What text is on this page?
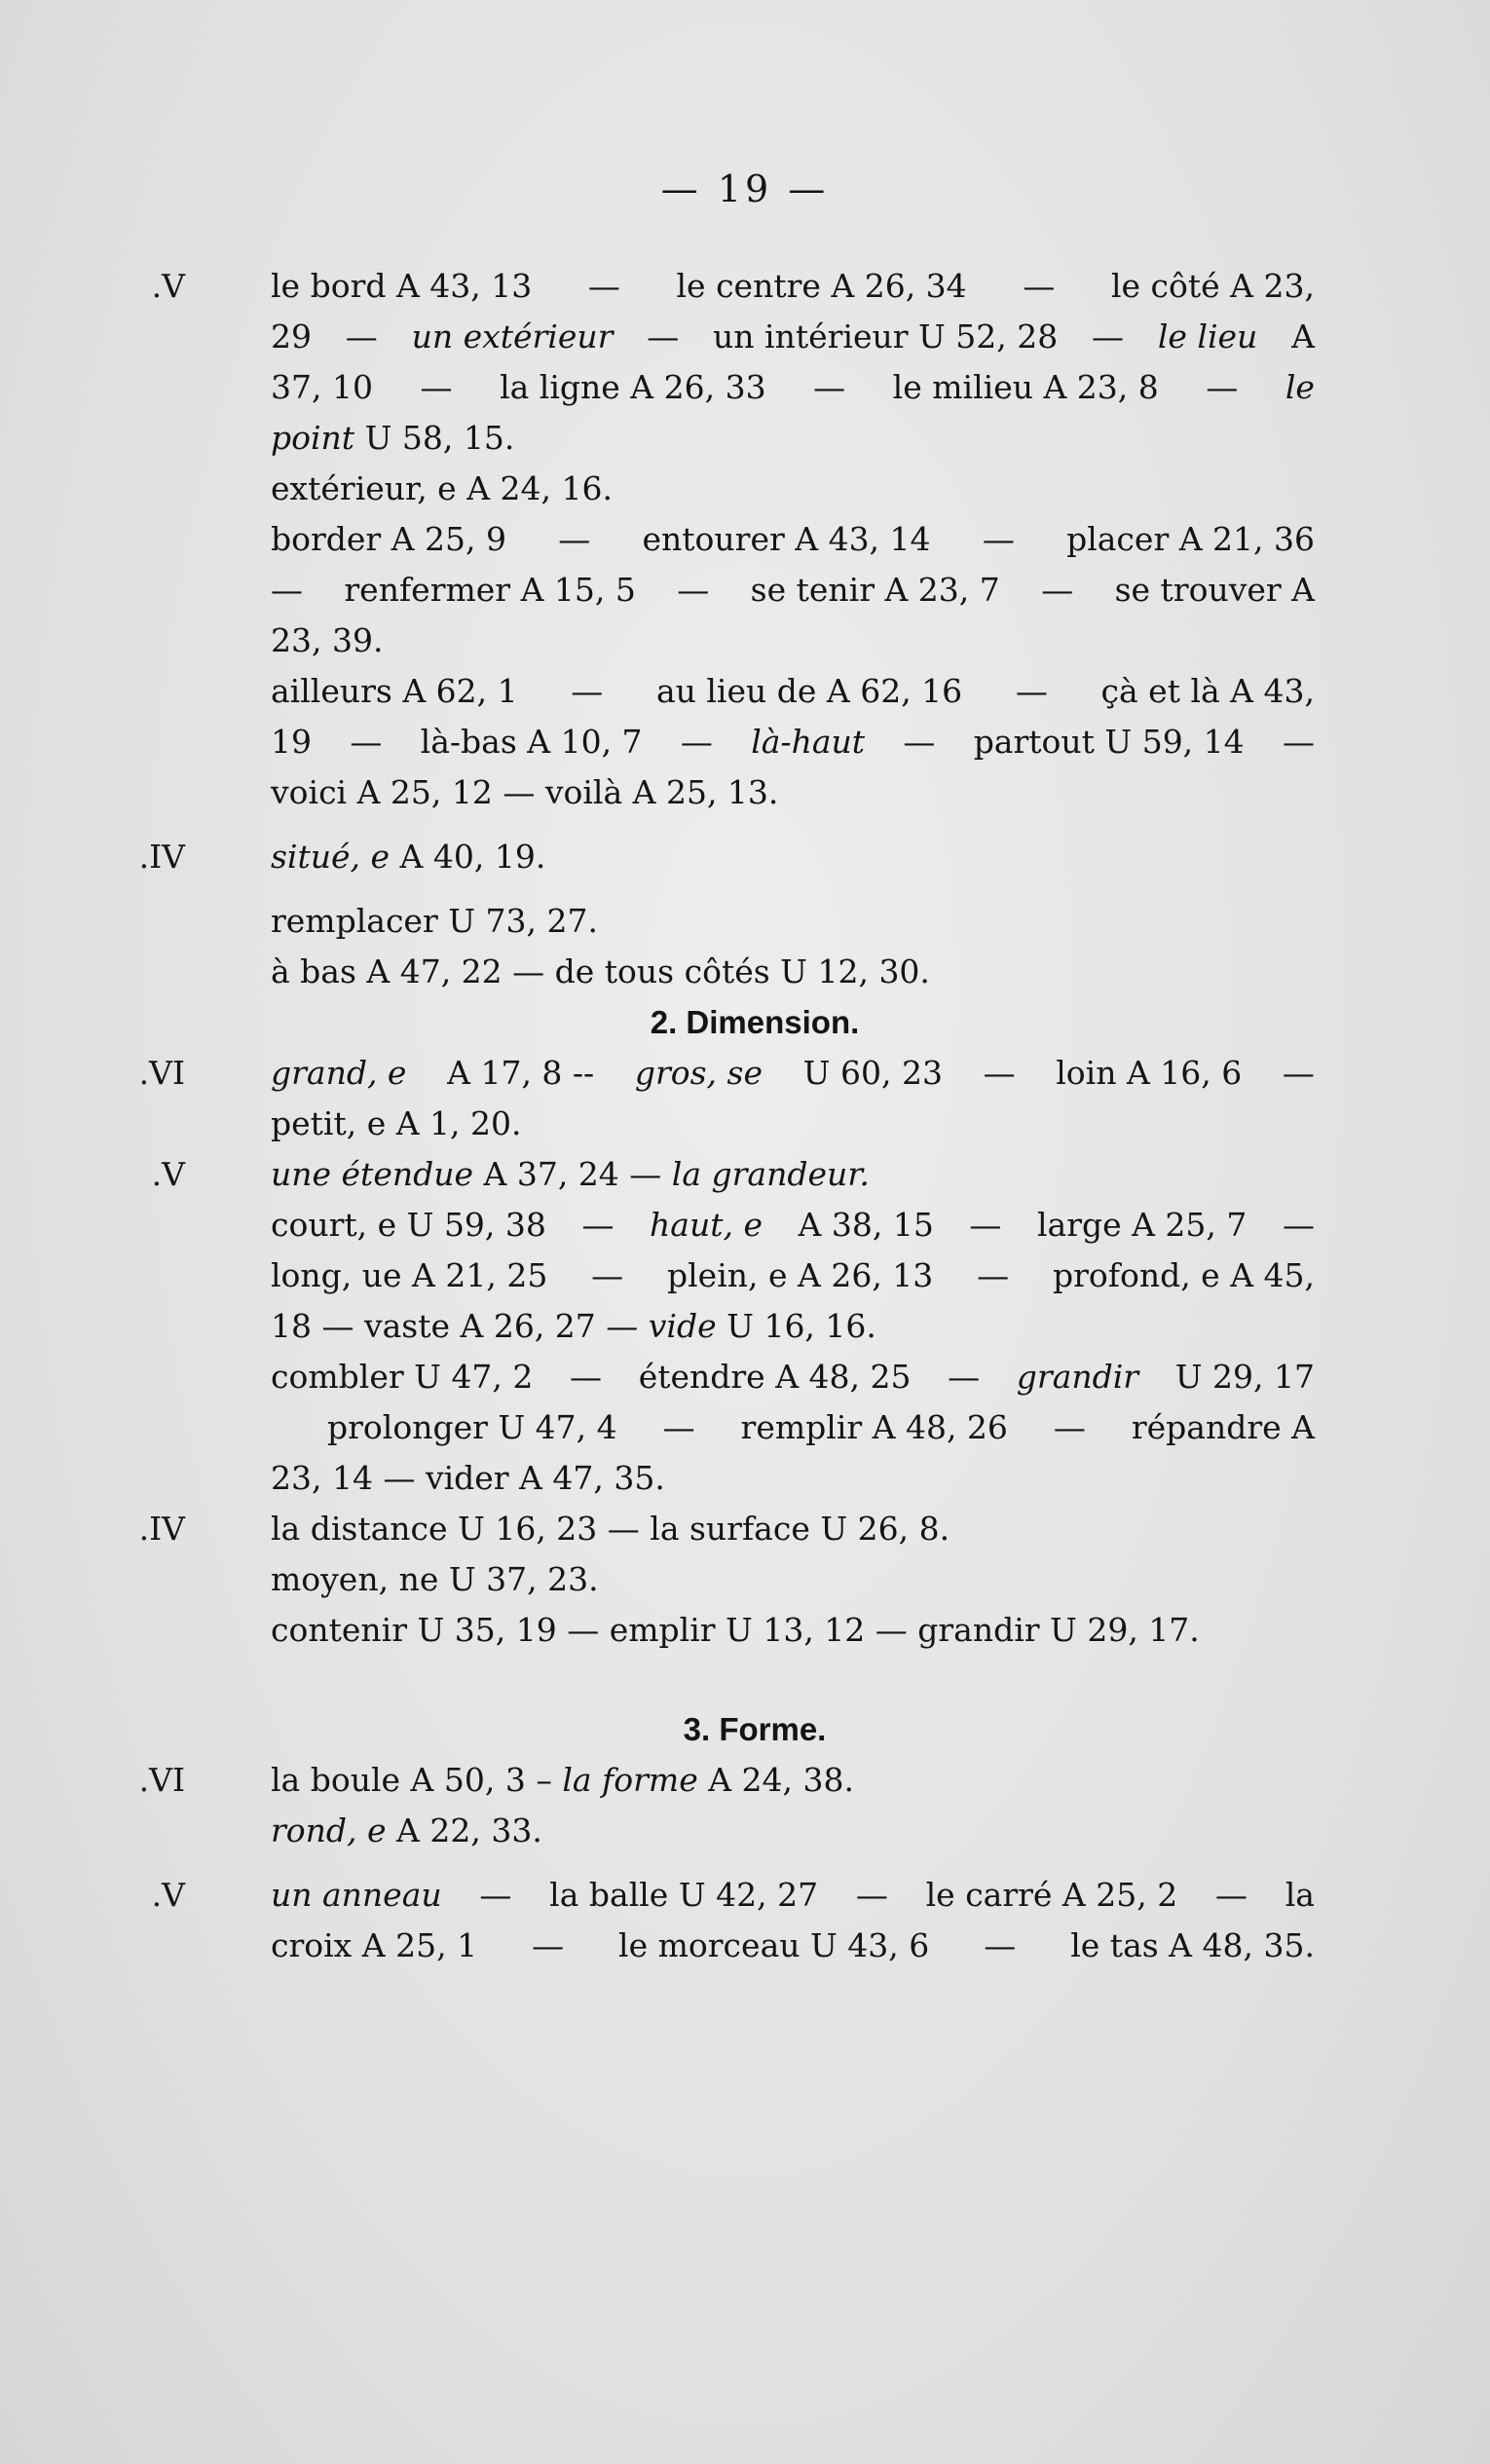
— 19 —
V.	le bord A 43, 13 — le centre A 26, 34 — le côté A 23,
29 — un extérieur — un intérieur U 52, 28 — le lieu A
37, 10 — la ligne A 26, 33 — le milieu A 23, 8 — le
point U 58, 15.
extérieur, e A 24, 16.
border A 25, 9 — entourer A 43, 14 — placer A 21, 36
— renfermer A 15, 5 — se tenir A 23, 7 — se trouver A
23, 39.
ailleurs A 62, 1 — au lieu de A 62, 16 — çà et là A 43,
19 — là-bas A 10, 7 — là-haut — partout U 59, 14 —
voici A 25, 12 — voilà A 25, 13.
IV.	situé, e A 40, 19.
remplacer U 73, 27.
à bas A 47, 22 — de tous côtés U 12, 30.
2. Dimension.
VI.	grand, e A 17, 8 -- gros, se U 60, 23 — loin A 16, 6 —
petit, e A 1, 20.
V.	une étendue A 37, 24 — la grandeur.
court, e U 59, 38 — haut, e A 38, 15 — large A 25, 7 —
long, ue A 21, 25 — plein, e A 26, 13 — profond, e A 45,
18 — vaste A 26, 27 — vide U 16, 16.
combler U 47, 2 — étendre A 48, 25 — grandir U 29, 17
prolonger U 47, 4 — remplir A 48, 26 — répandre A
23, 14 — vider A 47, 35.
IV.	la distance U 16, 23 — la surface U 26, 8.
moyen, ne U 37, 23.
contenir U 35, 19 — emplir U 13, 12 — grandir U 29, 17.
3. Forme.
VI.	la boule A 50, 3 – la forme A 24, 38.
rond, e A 22, 33.
V.	un anneau — la balle U 42, 27 — le carré A 25, 2 — la
croix A 25, 1 — le morceau U 43, 6 — le tas A 48, 35.
